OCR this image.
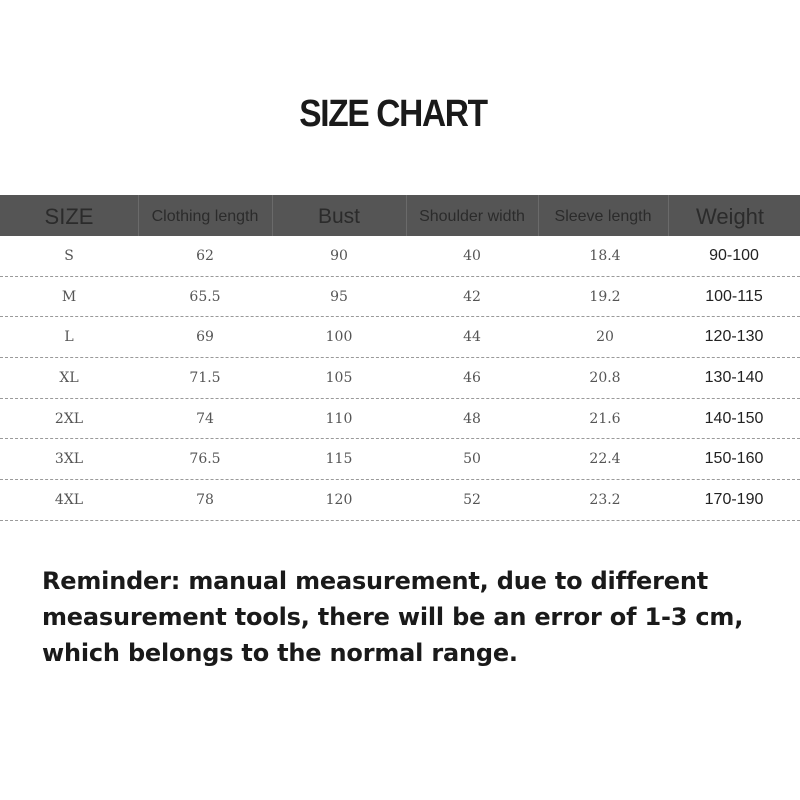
SIZE CHART
SIZE	Clothing length	Bust	Shoulder width	Sleeve length	Weight
S	62	90	40	18.4	90-100
M	65.5	95	42	19.2	100-115
L	69	100	44	20	120-130
XL	71.5	105	46	20.8	130-140
2XL	74	110	48	21.6	140-150
3XL	76.5	115	50	22.4	150-160
4XL	78	120	52	23.2	170-190
Reminder: manual measurement, due to different
measurement tools, there will be an error of 1-3 cm,
which belongs to the normal range.
